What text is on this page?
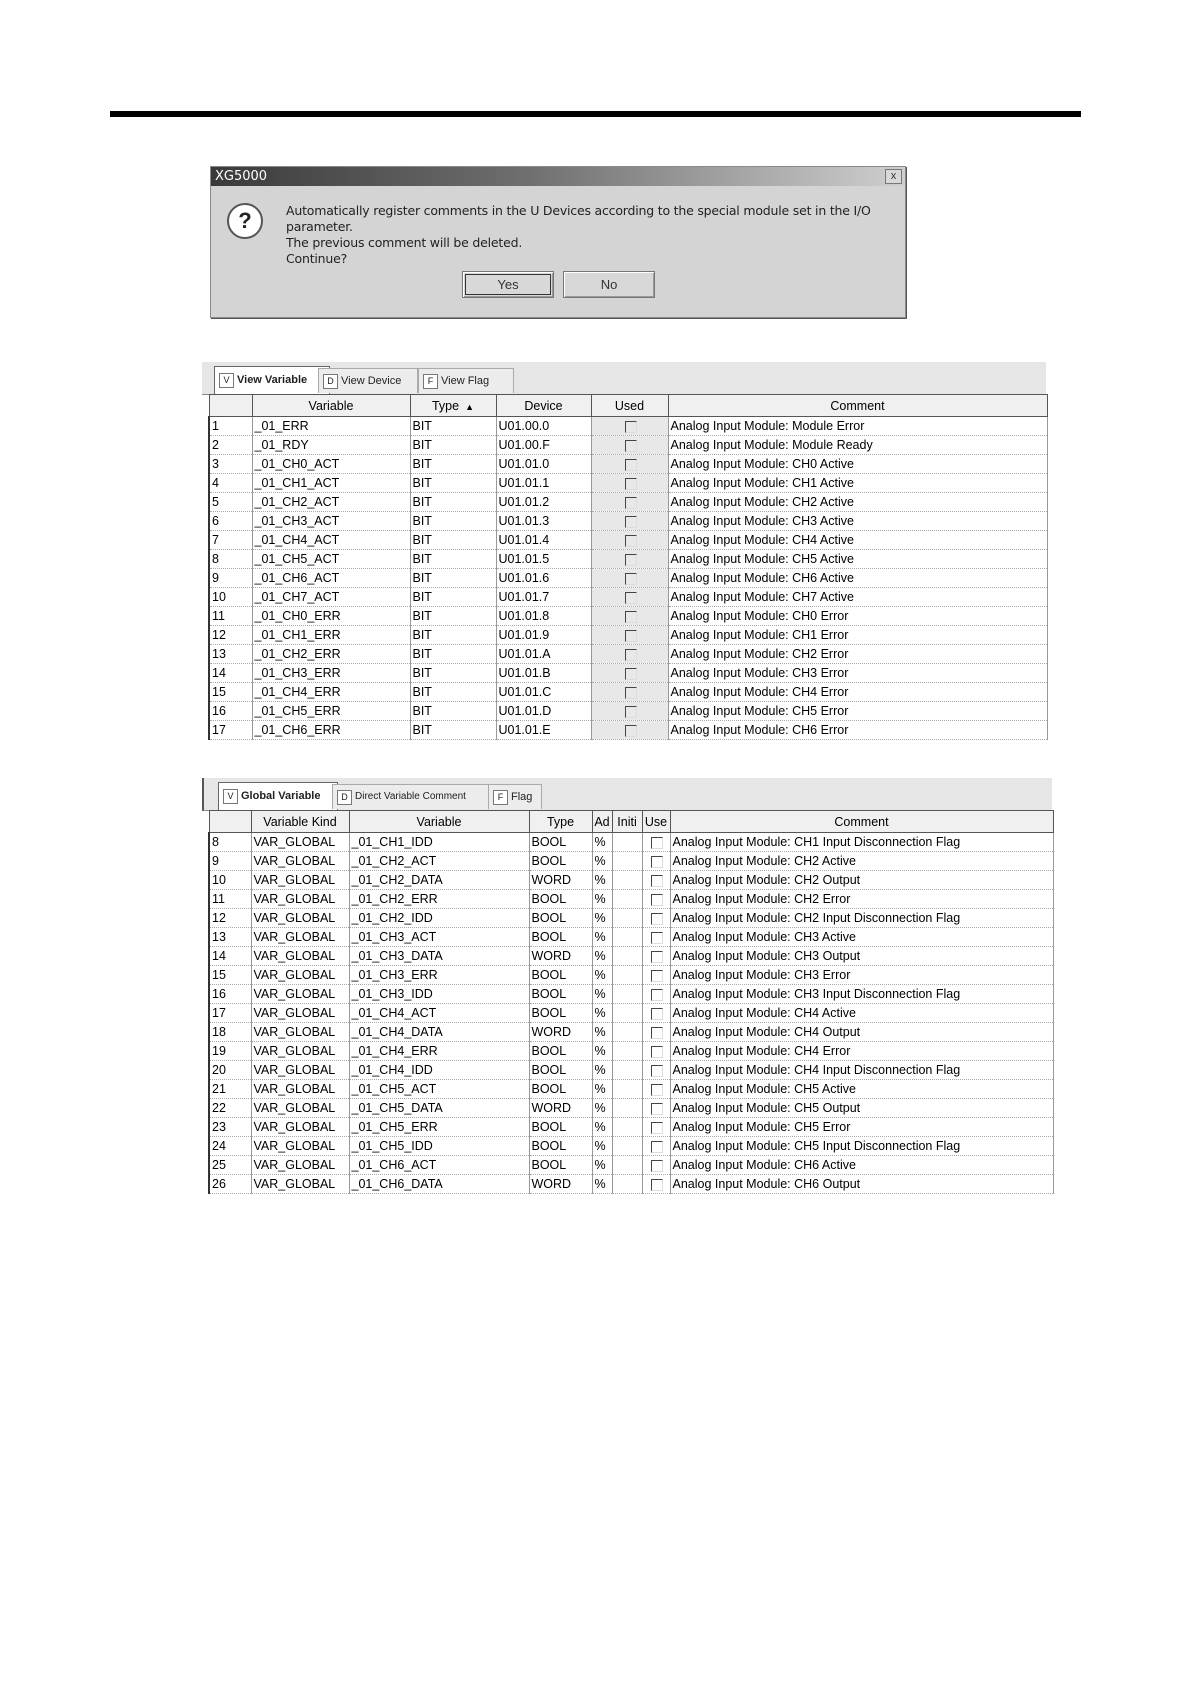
XG5000	x
?	Automatically register comments in the U Devices according to the special module set in the I/O parameter.
The previous comment will be deleted.
Continue?
Yes	No
V View Variable	D View Device	F View Flag
	Variable	Type ▲	Device	Used	Comment
1	_01_ERR	BIT	U01.00.0		Analog Input Module: Module Error
2	_01_RDY	BIT	U01.00.F		Analog Input Module: Module Ready
3	_01_CH0_ACT	BIT	U01.01.0		Analog Input Module: CH0 Active
4	_01_CH1_ACT	BIT	U01.01.1		Analog Input Module: CH1 Active
5	_01_CH2_ACT	BIT	U01.01.2		Analog Input Module: CH2 Active
6	_01_CH3_ACT	BIT	U01.01.3		Analog Input Module: CH3 Active
7	_01_CH4_ACT	BIT	U01.01.4		Analog Input Module: CH4 Active
8	_01_CH5_ACT	BIT	U01.01.5		Analog Input Module: CH5 Active
9	_01_CH6_ACT	BIT	U01.01.6		Analog Input Module: CH6 Active
10	_01_CH7_ACT	BIT	U01.01.7		Analog Input Module: CH7 Active
11	_01_CH0_ERR	BIT	U01.01.8		Analog Input Module: CH0 Error
12	_01_CH1_ERR	BIT	U01.01.9		Analog Input Module: CH1 Error
13	_01_CH2_ERR	BIT	U01.01.A		Analog Input Module: CH2 Error
14	_01_CH3_ERR	BIT	U01.01.B		Analog Input Module: CH3 Error
15	_01_CH4_ERR	BIT	U01.01.C		Analog Input Module: CH4 Error
16	_01_CH5_ERR	BIT	U01.01.D		Analog Input Module: CH5 Error
17	_01_CH6_ERR	BIT	U01.01.E		Analog Input Module: CH6 Error
V Global Variable	D Direct Variable Comment	F Flag
	Variable Kind	Variable	Type	Ad	Initi	Use	Comment
8	VAR_GLOBAL	_01_CH1_IDD	BOOL	%			Analog Input Module: CH1 Input Disconnection Flag
9	VAR_GLOBAL	_01_CH2_ACT	BOOL	%			Analog Input Module: CH2 Active
10	VAR_GLOBAL	_01_CH2_DATA	WORD	%			Analog Input Module: CH2 Output
11	VAR_GLOBAL	_01_CH2_ERR	BOOL	%			Analog Input Module: CH2 Error
12	VAR_GLOBAL	_01_CH2_IDD	BOOL	%			Analog Input Module: CH2 Input Disconnection Flag
13	VAR_GLOBAL	_01_CH3_ACT	BOOL	%			Analog Input Module: CH3 Active
14	VAR_GLOBAL	_01_CH3_DATA	WORD	%			Analog Input Module: CH3 Output
15	VAR_GLOBAL	_01_CH3_ERR	BOOL	%			Analog Input Module: CH3 Error
16	VAR_GLOBAL	_01_CH3_IDD	BOOL	%			Analog Input Module: CH3 Input Disconnection Flag
17	VAR_GLOBAL	_01_CH4_ACT	BOOL	%			Analog Input Module: CH4 Active
18	VAR_GLOBAL	_01_CH4_DATA	WORD	%			Analog Input Module: CH4 Output
19	VAR_GLOBAL	_01_CH4_ERR	BOOL	%			Analog Input Module: CH4 Error
20	VAR_GLOBAL	_01_CH4_IDD	BOOL	%			Analog Input Module: CH4 Input Disconnection Flag
21	VAR_GLOBAL	_01_CH5_ACT	BOOL	%			Analog Input Module: CH5 Active
22	VAR_GLOBAL	_01_CH5_DATA	WORD	%			Analog Input Module: CH5 Output
23	VAR_GLOBAL	_01_CH5_ERR	BOOL	%			Analog Input Module: CH5 Error
24	VAR_GLOBAL	_01_CH5_IDD	BOOL	%			Analog Input Module: CH5 Input Disconnection Flag
25	VAR_GLOBAL	_01_CH6_ACT	BOOL	%			Analog Input Module: CH6 Active
26	VAR_GLOBAL	_01_CH6_DATA	WORD	%			Analog Input Module: CH6 Output
